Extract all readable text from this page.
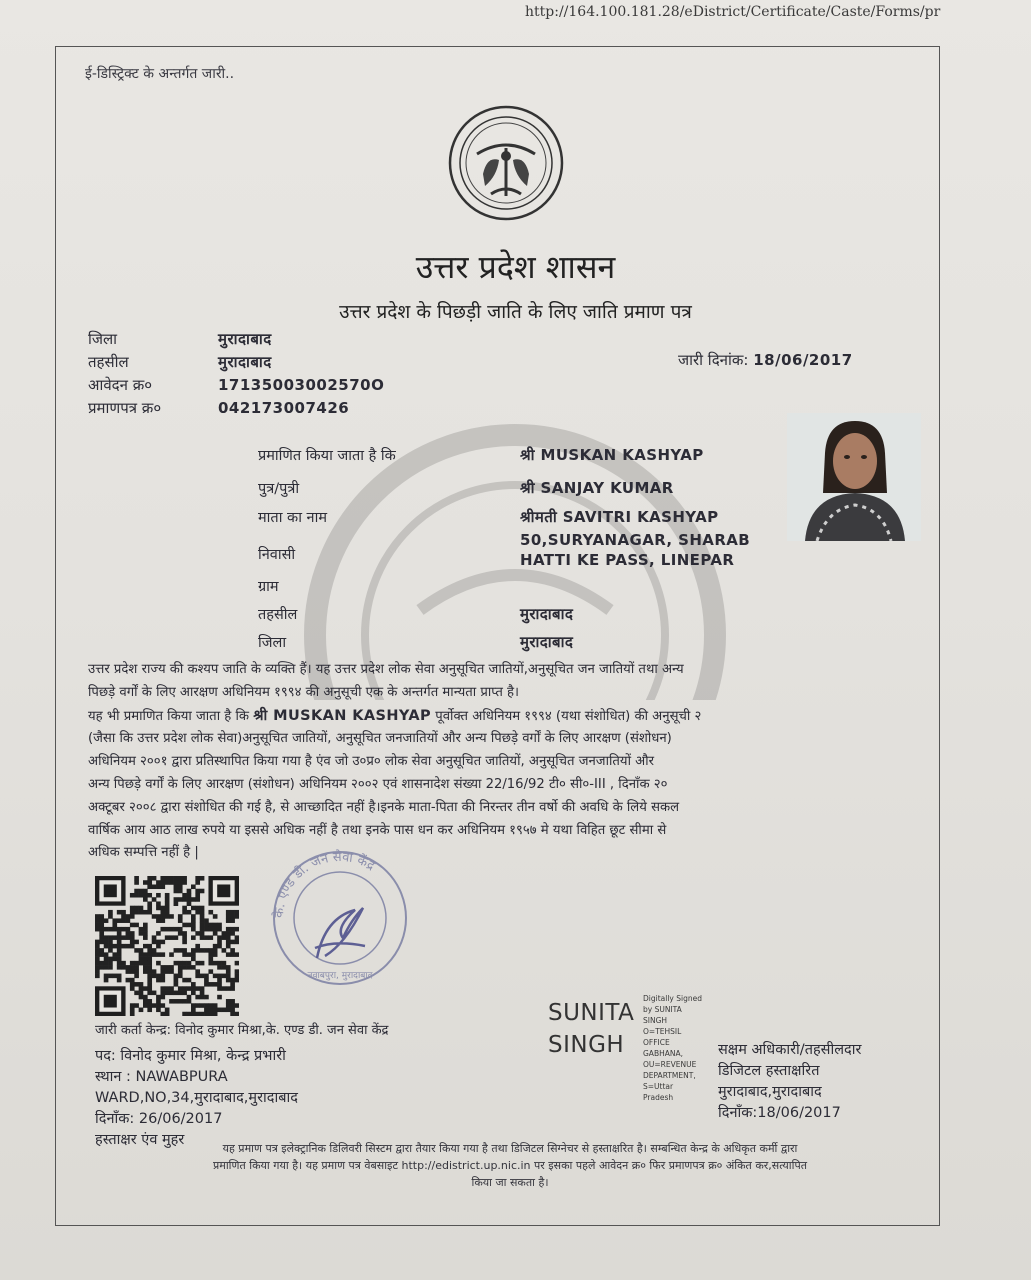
http://164.100.181.28/eDistrict/Certificate/Caste/Forms/pr
ई-डिस्ट्रिक्ट के अन्तर्गत जारी..
उत्तर प्रदेश शासन
उत्तर प्रदेश के पिछड़ी जाति के लिए जाति प्रमाण पत्र
जिला	मुरादाबाद
तहसील	मुरादाबाद
आवेदन क्र०	17135003002570O
प्रमाणपत्र क्र०	042173007426
जारी दिनांक: 18/06/2017
प्रमाणित किया जाता है कि	श्री MUSKAN KASHYAP
पुत्र/पुत्री	श्री SANJAY KUMAR
माता का नाम	श्रीमती SAVITRI KASHYAP
50,SURYANAGAR, SHARAB
निवासी	HATTI KE PASS, LINEPAR
ग्राम
तहसील	मुरादाबाद
जिला	मुरादाबाद
उत्तर प्रदेश राज्य की कश्यप जाति के व्यक्ति हैं। यह उत्तर प्रदेश लोक सेवा अनुसूचित जातियों,अनुसूचित जन जातियों तथा अन्य
पिछड़े वर्गों के लिए आरक्षण अधिनियम १९९४ की अनुसूची एक के अन्तर्गत मान्यता प्राप्त है।
यह भी प्रमाणित किया जाता है कि श्री MUSKAN KASHYAP पूर्वोक्त अधिनियम १९९४ (यथा संशोधित) की अनुसूची २
(जैसा कि उत्तर प्रदेश लोक सेवा)अनुसूचित जातियों, अनुसूचित जनजातियों और अन्य पिछड़े वर्गों के लिए आरक्षण (संशोधन)
अधिनियम २००१ द्वारा प्रतिस्थापित किया गया है एंव जो उ०प्र० लोक सेवा अनुसूचित जातियों, अनुसूचित जनजातियों और
अन्य पिछड़े वर्गों के लिए आरक्षण (संशोधन) अधिनियम २००२ एवं शासनादेश संख्या 22/16/92 टी० सी०-III , दिनाँक २०
अक्टूबर २००८ द्वारा संशोधित की गई है, से आच्छादित नहीं है।इनके माता-पिता की निरन्तर तीन वर्षो की अवधि के लिये सकल
वार्षिक आय आठ लाख रुपये या इससे अधिक नहीं है तथा इनके पास धन कर अधिनियम १९५७ मे यथा विहित छूट सीमा से
अधिक सम्पत्ति नहीं है |
के. एण्ड डी. जन सेवा केंद्र
नवाबपुरा, मुरादाबाद
जारी कर्ता केन्द्र: विनोद कुमार मिश्रा,के. एण्ड डी. जन सेवा केंद्र
पद: विनोद कुमार मिश्रा, केन्द्र प्रभारी
स्थान : NAWABPURA
WARD,NO,34,मुरादाबाद,मुरादाबाद
दिनाँक: 26/06/2017
हस्ताक्षर एंव मुहर
SUNITA
SINGH
Digitally Signed
by SUNITA
SINGH
O=TEHSIL
OFFICE
GABHANA,
OU=REVENUE
DEPARTMENT,
S=Uttar
Pradesh
सक्षम अधिकारी/तहसीलदार
डिजिटल हस्ताक्षरित
मुरादाबाद,मुरादाबाद
दिनाँक:18/06/2017
यह प्रमाण पत्र इलेक्ट्रानिक डिलिवरी सिस्टम द्वारा तैयार किया गया है तथा डिजिटल सिग्नेचर से हस्ताक्षरित है। सम्बन्धित केन्द्र के अधिकृत कर्मी द्वारा
प्रमाणित किया गया है। यह प्रमाण पत्र वेबसाइट http://edistrict.up.nic.in पर इसका पहले आवेदन क्र० फिर प्रमाणपत्र क्र० अंकित कर,सत्यापित
किया जा सकता है।
